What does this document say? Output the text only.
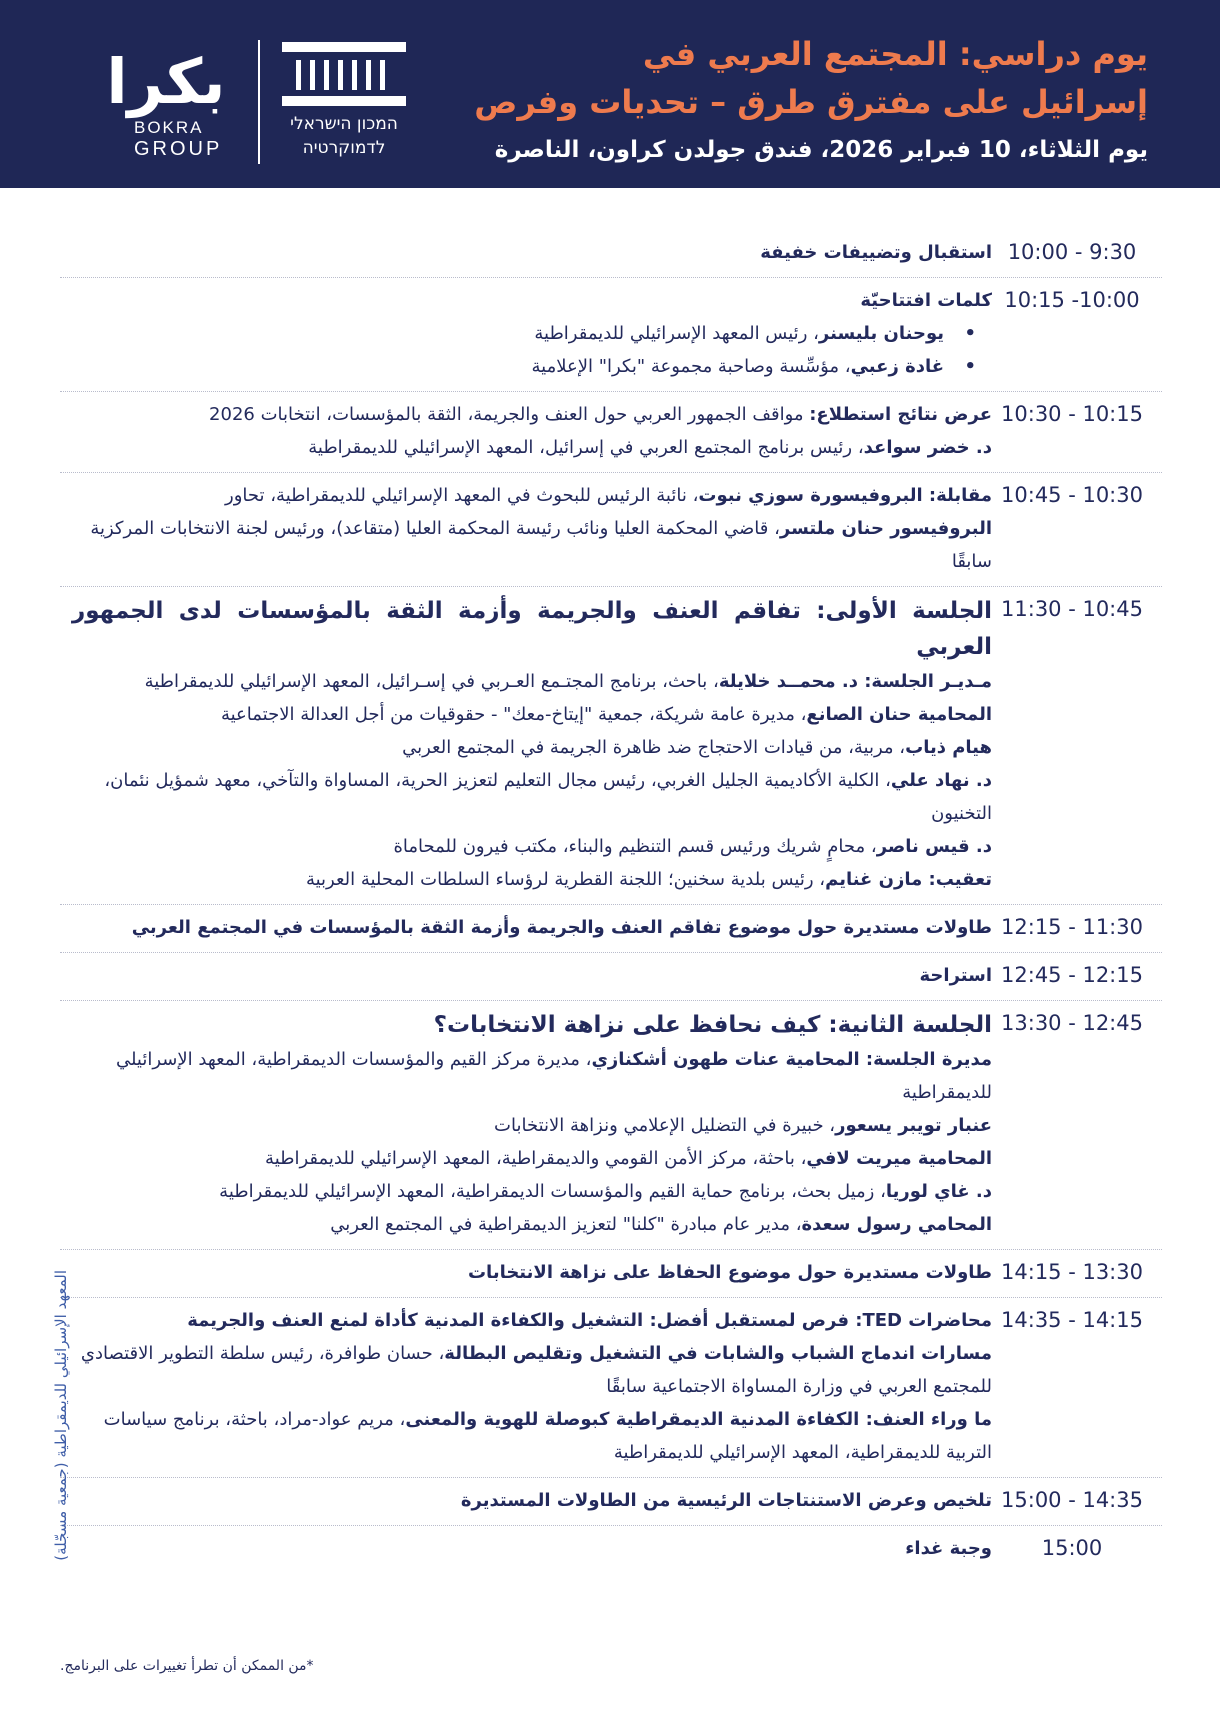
يوم دراسي: المجتمع العربي في
إسرائيل على مفترق طرق – تحديات وفرص
يوم الثلاثاء، 10 فبراير 2026، فندق جولدن كراون، الناصرة
המכון הישראלי
לדמוקרטיה
بكرا
BOKRA
GROUP
10:00 - 9:30
استقبال وتضييفات خفيفة
10:15 -10:00
كلمات افتتاحيّة
• يوحنان بليسنر، رئيس المعهد الإسرائيلي للديمقراطية
• غادة زعبي، مؤسِّسة وصاحبة مجموعة "بكرا" الإعلامية
10:30 - 10:15
عرض نتائج استطلاع: مواقف الجمهور العربي حول العنف والجريمة، الثقة بالمؤسسات، انتخابات 2026
د. خضر سواعد، رئيس برنامج المجتمع العربي في إسرائيل، المعهد الإسرائيلي للديمقراطية
10:45 - 10:30
مقابلة: البروفيسورة سوزي نبوت، نائبة الرئيس للبحوث في المعهد الإسرائيلي للديمقراطية، تحاور
البروفيسور حنان ملتسر، قاضي المحكمة العليا ونائب رئيسة المحكمة العليا (متقاعد)، ورئيس لجنة الانتخابات المركزية سابقًا
11:30 - 10:45
الجلسة الأولى: تفاقم العنف والجريمة وأزمة الثقة بالمؤسسات لدى الجمهور العربي
مـديـر الجلسة: د. محمــد خلايلة، باحث، برنامج المجتـمع العـربي في إسـرائيل، المعهد الإسرائيلي للديمقراطية
المحامية حنان الصانع، مديرة عامة شريكة، جمعية "إيتاخ-معك" - حقوقيات من أجل العدالة الاجتماعية
هيام ذياب، مربية، من قيادات الاحتجاج ضد ظاهرة الجريمة في المجتمع العربي
د. نهاد علي، الكلية الأكاديمية الجليل الغربي، رئيس مجال التعليم لتعزيز الحرية، المساواة والتآخي، معهد شمؤيل نئمان، التخنيون
د. قيس ناصر، محامٍ شريك ورئيس قسم التنظيم والبناء، مكتب فيرون للمحاماة
تعقيب: مازن غنايم، رئيس بلدية سخنين؛ اللجنة القطرية لرؤساء السلطات المحلية العربية
12:15 - 11:30
طاولات مستديرة حول موضوع تفاقم العنف والجريمة وأزمة الثقة بالمؤسسات في المجتمع العربي
12:45 - 12:15
استراحة
13:30 - 12:45
الجلسة الثانية: كيف نحافظ على نزاهة الانتخابات؟
مديرة الجلسة: المحامية عنات طهون أشكنازي، مديرة مركز القيم والمؤسسات الديمقراطية، المعهد الإسرائيلي للديمقراطية
عنبار تويبر يسعور، خبيرة في التضليل الإعلامي ونزاهة الانتخابات
المحامية ميريت لافي، باحثة، مركز الأمن القومي والديمقراطية، المعهد الإسرائيلي للديمقراطية
د. غاي لوريا، زميل بحث، برنامج حماية القيم والمؤسسات الديمقراطية، المعهد الإسرائيلي للديمقراطية
المحامي رسول سعدة، مدير عام مبادرة "كلنا" لتعزيز الديمقراطية في المجتمع العربي
14:15 - 13:30
طاولات مستديرة حول موضوع الحفاظ على نزاهة الانتخابات
14:35 - 14:15
محاضرات TED: فرص لمستقبل أفضل: التشغيل والكفاءة المدنية كأداة لمنع العنف والجريمة
مسارات اندماج الشباب والشابات في التشغيل وتقليص البطالة، حسان طوافرة، رئيس سلطة التطوير الاقتصادي للمجتمع العربي في وزارة المساواة الاجتماعية سابقًا
ما وراء العنف: الكفاءة المدنية الديمقراطية كبوصلة للهوية والمعنى، مريم عواد-مراد، باحثة، برنامج سياسات التربية للديمقراطية، المعهد الإسرائيلي للديمقراطية
15:00 - 14:35
تلخيص وعرض الاستنتاجات الرئيسية من الطاولات المستديرة
15:00
وجبة غداء
المعهد الإسرائيلي للديمقراطية (جمعية مسجّلة)
*من الممكن أن تطرأ تغييرات على البرنامج.
